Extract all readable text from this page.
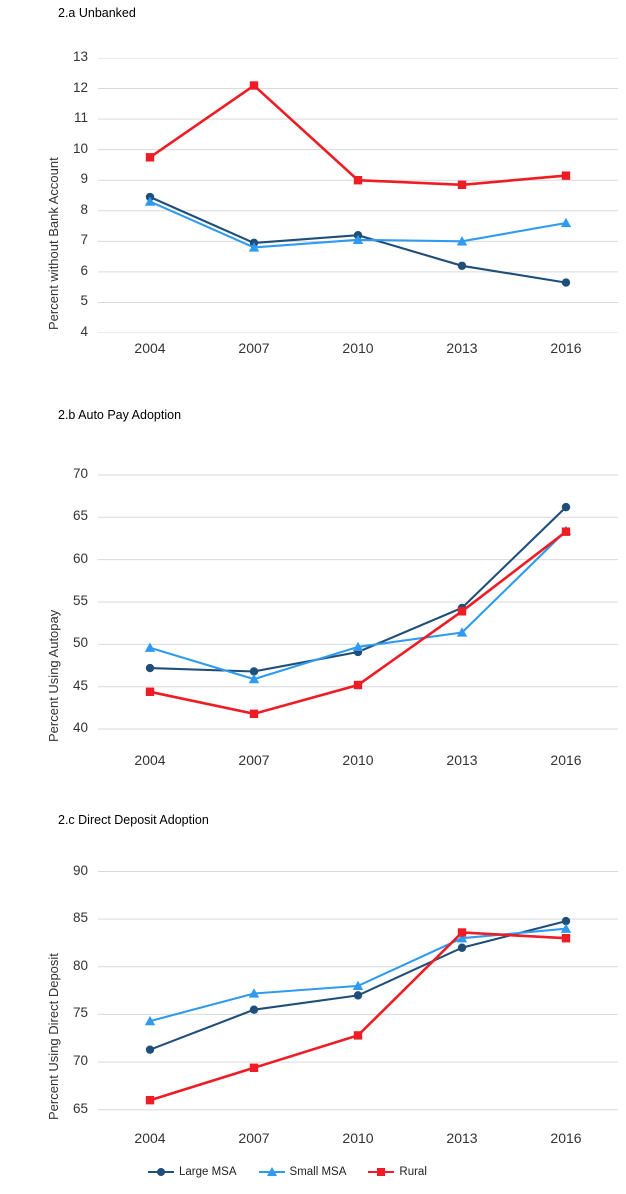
2.a Unbanked
Percent without Bank Account
4
5
6
7
8
9
10
11
12
13
2004	2007	2010	2013	2016
2.b Auto Pay Adoption
Percent Using Autopay 40
45
50
55
60
65
70
2004	2007	2010	2013	2016
2.c Direct Deposit Adoption
Percent Using Direct Deposit 65
70
75
80
85
90
2004	2007	2010	2013	2016
Large MSA	Small MSA	Rural
